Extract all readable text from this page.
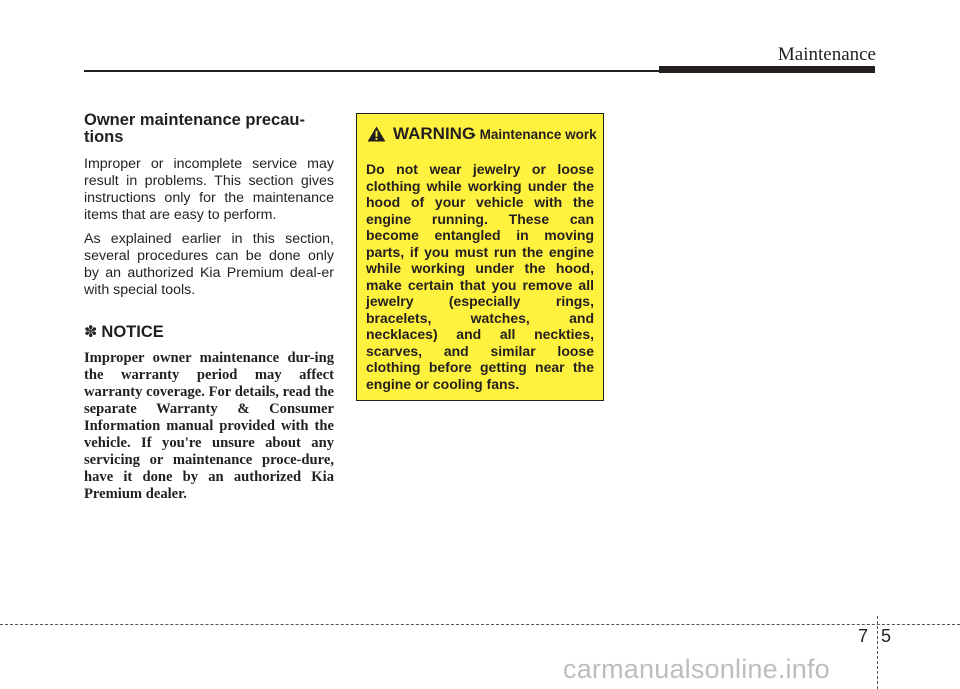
Maintenance
Owner maintenance precau-
tions

Improper or incomplete service may result in problems. This section gives instructions only for the maintenance items that are easy to perform.

As explained earlier in this section, several procedures can be done only by an authorized Kia Premium deal-er with special tools.

✽ NOTICE

Improper owner maintenance dur-ing the warranty period may affect warranty coverage. For details, read the separate Warranty & Consumer Information manual provided with the vehicle. If you're unsure about any servicing or maintenance proce-dure, have it done by an authorized Kia Premium dealer.

WARNING
- Maintenance work

Do not wear jewelry or loose clothing while working under the hood of your vehicle with the engine running. These can become entangled in moving parts, if you must run the engine while working under the hood, make certain that you remove all jewelry (especially rings, bracelets, watches, and necklaces) and all neckties, scarves, and similar loose clothing before getting near the engine or cooling fans.

7 5
carmanualsonline.info
